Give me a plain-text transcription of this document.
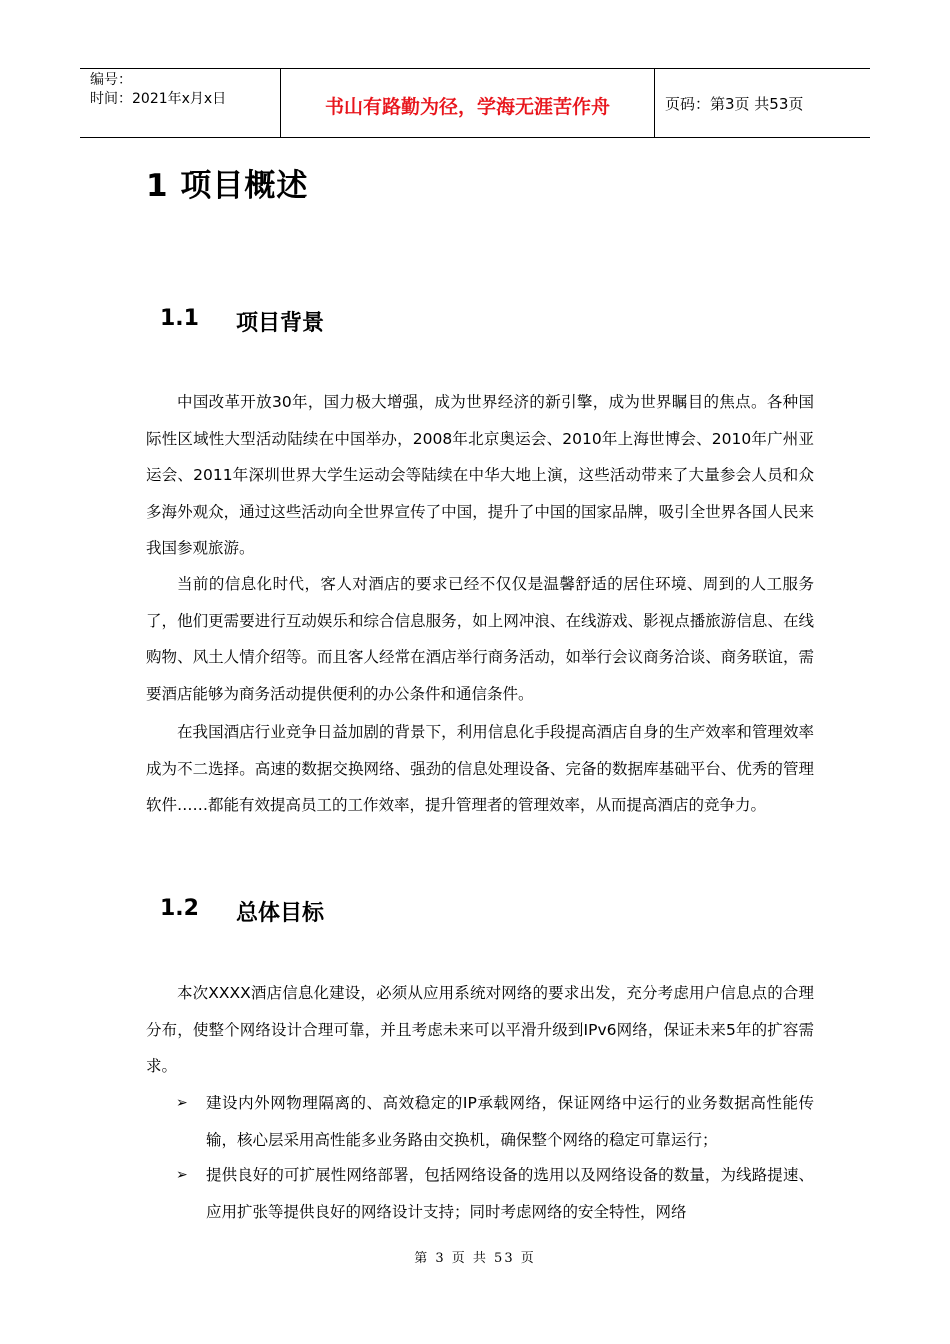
编号：
时间：2021年x月x日	书山有路勤为径，学海无涯苦作舟	页码：第3页 共53页
1 项目概述
1.1	项目背景

中国改革开放30年，国力极大增强，成为世界经济的新引擎，成为世界瞩目的焦点。各种国际性区域性大型活动陆续在中国举办，2008年北京奥运会、2010年上海世博会、2010年广州亚运会、2011年深圳世界大学生运动会等陆续在中华大地上演，这些活动带来了大量参会人员和众多海外观众，通过这些活动向全世界宣传了中国，提升了中国的国家品牌，吸引全世界各国人民来我国参观旅游。

当前的信息化时代，客人对酒店的要求已经不仅仅是温馨舒适的居住环境、周到的人工服务了，他们更需要进行互动娱乐和综合信息服务，如上网冲浪、在线游戏、影视点播旅游信息、在线购物、风土人情介绍等。而且客人经常在酒店举行商务活动，如举行会议商务洽谈、商务联谊，需要酒店能够为商务活动提供便利的办公条件和通信条件。

在我国酒店行业竞争日益加剧的背景下，利用信息化手段提高酒店自身的生产效率和管理效率成为不二选择。高速的数据交换网络、强劲的信息处理设备、完备的数据库基础平台、优秀的管理软件……都能有效提高员工的工作效率，提升管理者的管理效率，从而提高酒店的竞争力。

1.2	总体目标

本次XXXX酒店信息化建设，必须从应用系统对网络的要求出发，充分考虑用户信息点的合理分布，使整个网络设计合理可靠，并且考虑未来可以平滑升级到IPv6网络，保证未来5年的扩容需求。

➢	建设内外网物理隔离的、高效稳定的IP承载网络，保证网络中运行的业务数据高性能传输，核心层采用高性能多业务路由交换机，确保整个网络的稳定可靠运行；
➢	提供良好的可扩展性网络部署，包括网络设备的选用以及网络设备的数量，为线路提速、应用扩张等提供良好的网络设计支持；同时考虑网络的安全特性，网络
第 3 页 共 53 页
